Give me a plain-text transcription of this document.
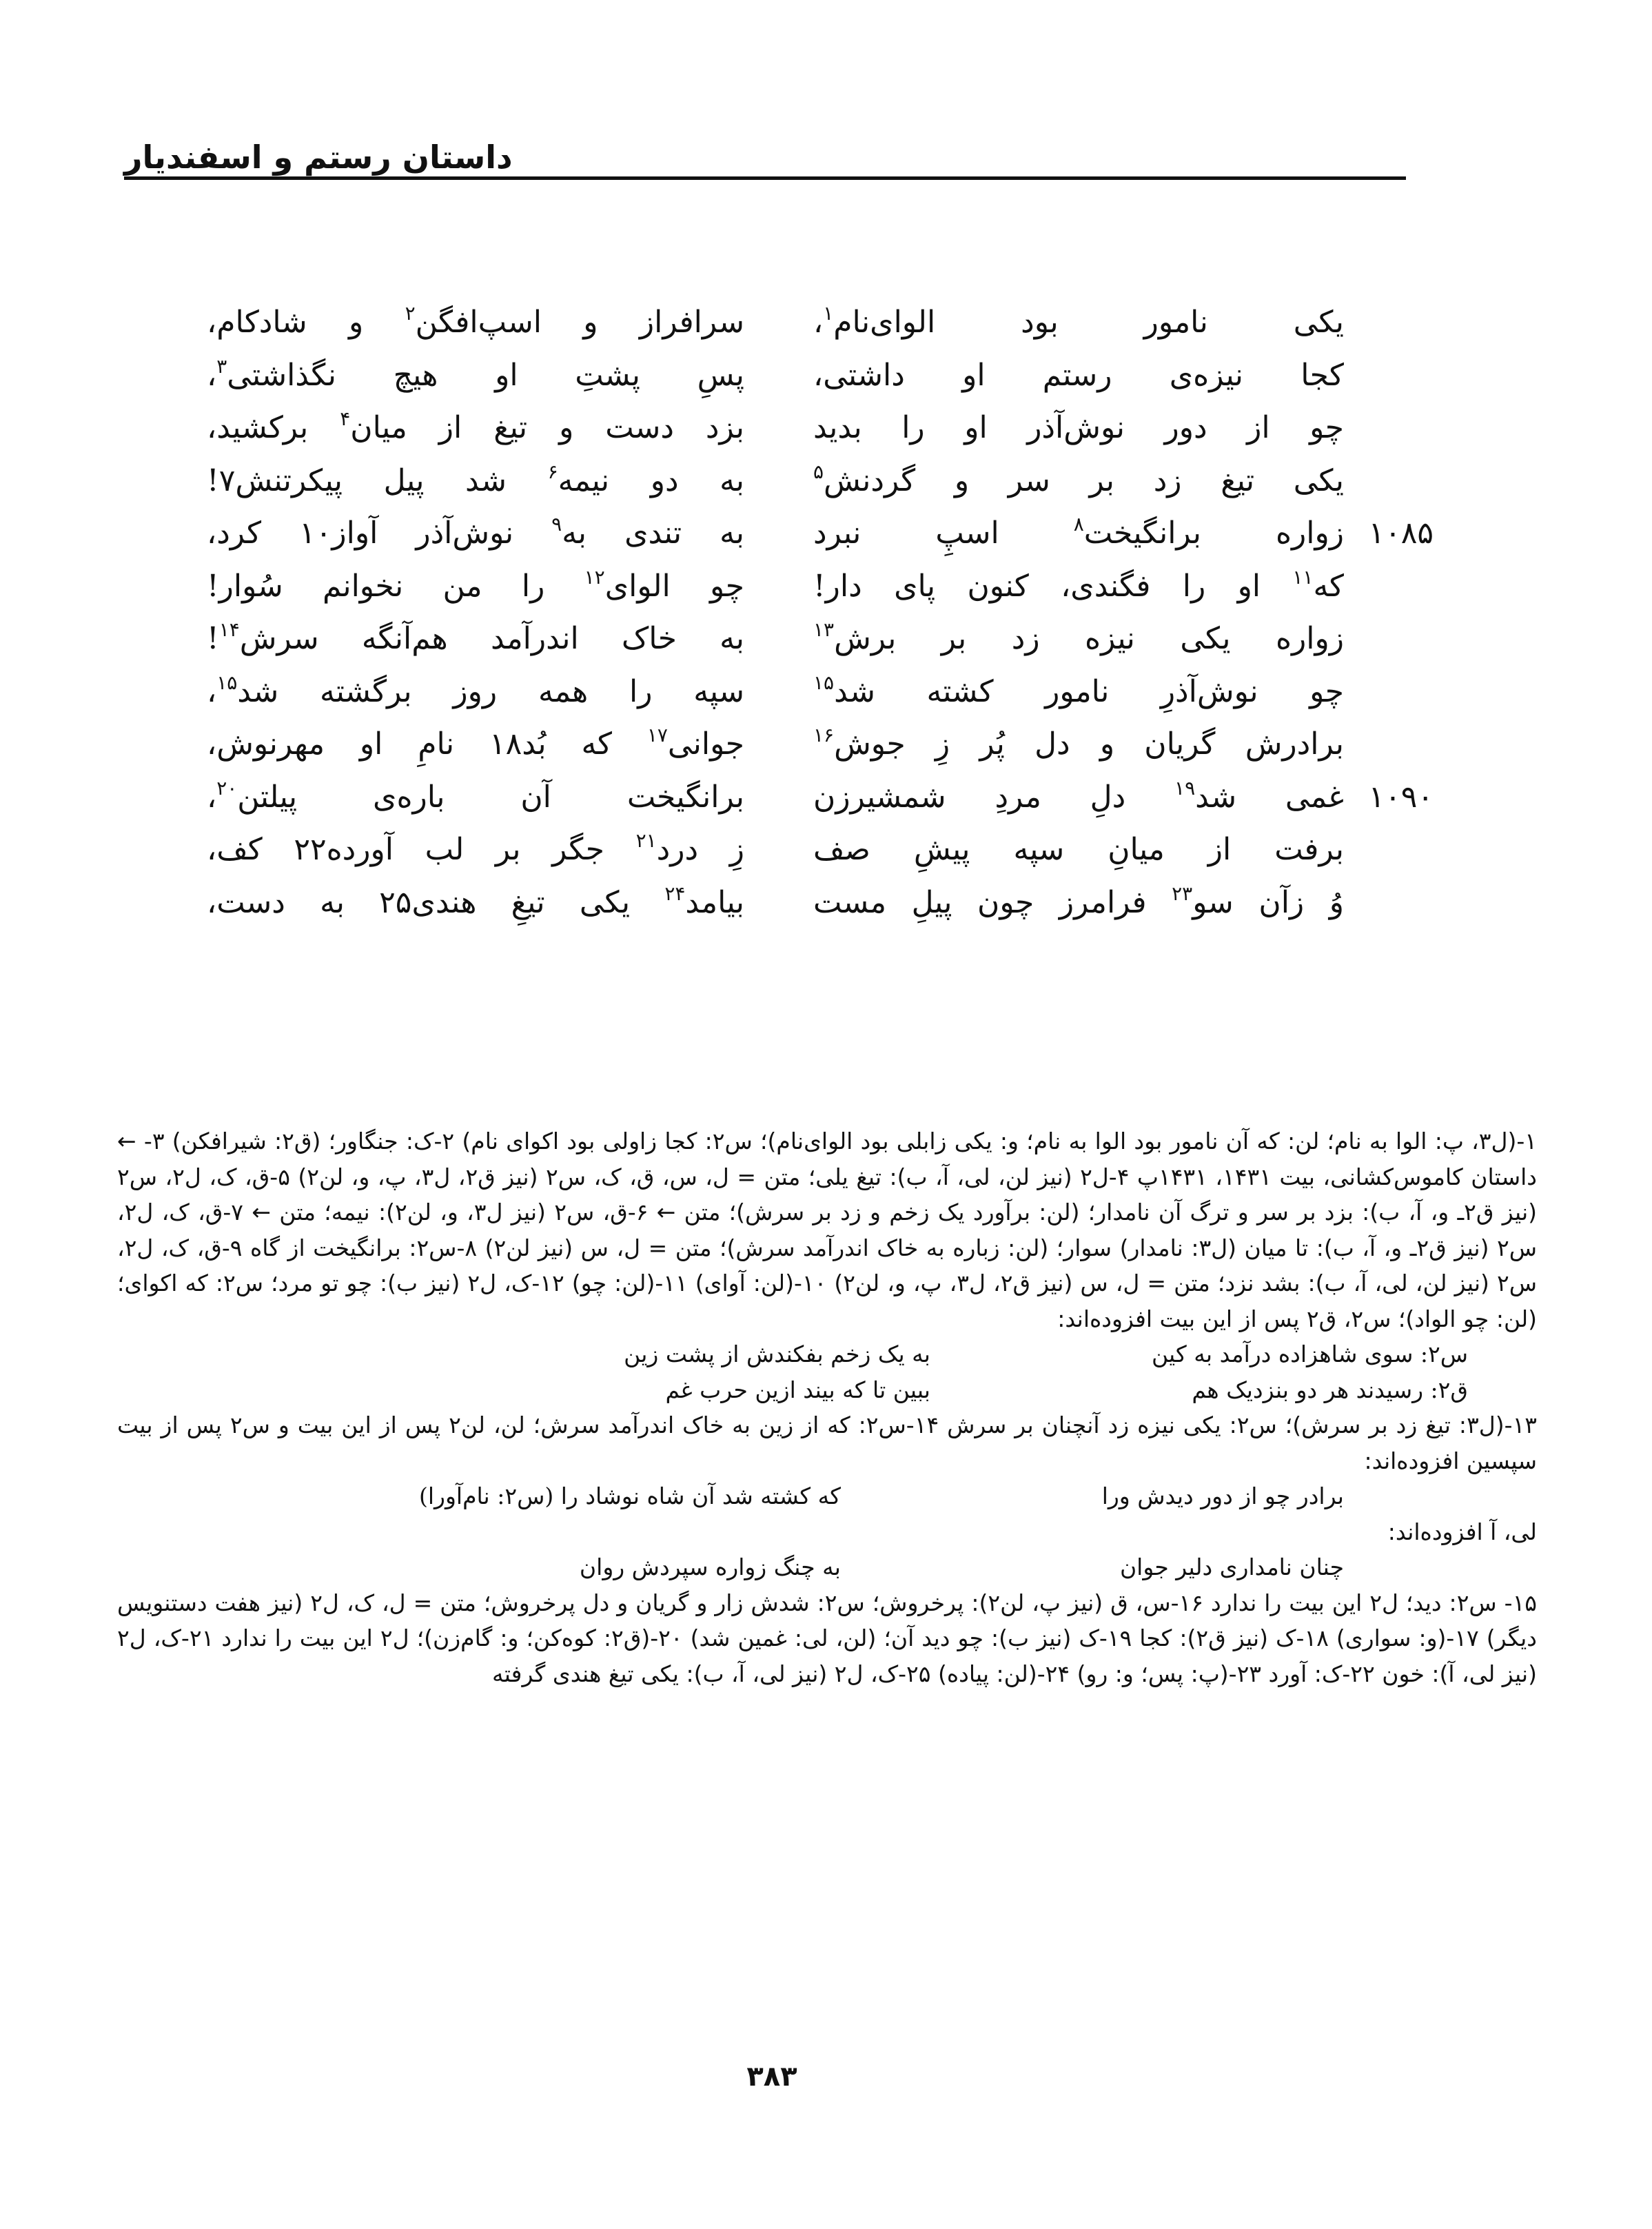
داستان رستم و اسفندیار
یکی نامور بود الوای‌نام$^۱$،
سرافراز و اسپ‌افگن$^۲$ و شادکام،
کجا نیزه‌ی رستم او داشتی،
پسِ پشتِ او هیچ نگذاشتی$^۳$،
چو از دور نوش‌آذر او را بدید
بزد دست و تیغ از میان$^۴$ برکشید،
یکی تیغ زد بر سر و گردنش$^۵$
به دو نیمه$^۶$ شد پیل پیکرتنش۷!
۱۰۸۵
زواره برانگیخت$^۸$ اسپِ نبرد
به تندی به$^۹$ نوش‌آذر آواز۱۰ کرد،
که$^{۱۱}$ او را فگندی، کنون پای دار!
چو الوای$^{۱۲}$ را من نخوانم سُوار!
زواره یکی نیزه زد بر برش$^{۱۳}$
به خاک اندرآمد هم‌آنگه سرش$^{۱۴}$!
چو نوش‌آذرِ نامور کشته شد$^{۱۵}$
سپه را همه روز برگشته شد$^{۱۵}$،
برادرش گریان و دل پُر زِ جوش$^{۱۶}$
جوانی$^{۱۷}$ که بُد۱۸ نامِ او مهرنوش،
۱۰۹۰
غمی شد$^{۱۹}$ دلِ مردِ شمشیرزن
برانگیخت آن باره‌ی پیلتن$^{۲۰}$،
برفت از میانِ سپه پیشِ صف
زِ درد$^{۲۱}$ جگر بر لب آورده۲۲ کف،
وُ زآن سو$^{۲۳}$ فرامرز چون پیلِ مست
بیامد$^{۲۴}$ یکی تیغِ هندی۲۵ به دست،

۱-(ل۳، پ: الوا به نام؛ لن: که آن نامور بود الوا به نام؛ و: یکی زابلی بود الوای‌نام)؛ س۲: کجا زاولی بود اکوای نام) ۲-ک: جنگاور؛ (ق۲: شیرافکن) ۳- ← داستان کاموس‌کشانی، بیت ۱۴۳۱، ۱۴۳۱پ ۴-ل۲ (نیز لن، لی، آ، ب): تیغ یلی؛ متن = ل، س، ق، ک، س۲ (نیز ق۲، ل۳، پ، و، لن۲) ۵-ق، ک، ل۲، س۲ (نیز ق۲ـ و، آ، ب): بزد بر سر و ترگ آن نامدار؛ (لن: برآورد یک زخم و زد بر سرش)؛ متن ← ۶-ق، س۲ (نیز ل۳، و، لن۲): نیمه؛ متن ← ۷-ق، ک، ل۲، س۲ (نیز ق۲ـ و، آ، ب): تا میان (ل۳: نامدار) سوار؛ (لن: زباره به خاک اندرآمد سرش)؛ متن = ل، س (نیز لن۲) ۸-س۲: برانگیخت از گاه ۹-ق، ک، ل۲، س۲ (نیز لن، لی، آ، ب): بشد نزد؛ متن = ل، س (نیز ق۲، ل۳، پ، و، لن۲) ۱۰-(لن: آوای) ۱۱-(لن: چو) ۱۲-ک، ل۲ (نیز ب): چو تو مرد؛ س۲: که اکوای؛ (لن: چو الواد)؛ س۲، ق۲ پس از این بیت افزوده‌اند:

س۲: سوی شاهزاده درآمد به کین
به یک زخم بفکندش از پشت زین
ق۲: رسیدند هر دو بنزدیک هم
ببین تا که بیند ازین حرب غم

۱۳-(ل۳: تیغ زد بر سرش)؛ س۲: یکی نیزه زد آنچنان بر سرش ۱۴-س۲: که از زین به خاک اندرآمد سرش؛ لن، لن۲ پس از این بیت و س۲ پس از بیت سپسین افزوده‌اند:

برادر چو از دور دیدش ورا
که کشته شد آن شاه نوشاد را (س۲: نام‌آورا)

لی، آ افزوده‌اند:

چنان نامداری دلیر جوان
به چنگ زواره سپردش روان

۱۵- س۲: دید؛ ل۲ این بیت را ندارد ۱۶-س، ق (نیز پ، لن۲): پرخروش؛ س۲: شدش زار و گریان و دل پرخروش؛ متن = ل، ک، ل۲ (نیز هفت دستنویس دیگر) ۱۷-(و: سواری) ۱۸-ک (نیز ق۲): کجا ۱۹-ک (نیز ب): چو دید آن؛ (لن، لی: غمین شد) ۲۰-(ق۲: کوه‌کن؛ و: گام‌زن)؛ ل۲ این بیت را ندارد ۲۱-ک، ل۲ (نیز لی، آ): خون ۲۲-ک: آورد ۲۳-(پ: پس؛ و: رو) ۲۴-(لن: پیاده) ۲۵-ک، ل۲ (نیز لی، آ، ب): یکی تیغ هندی گرفته

۳۸۳
